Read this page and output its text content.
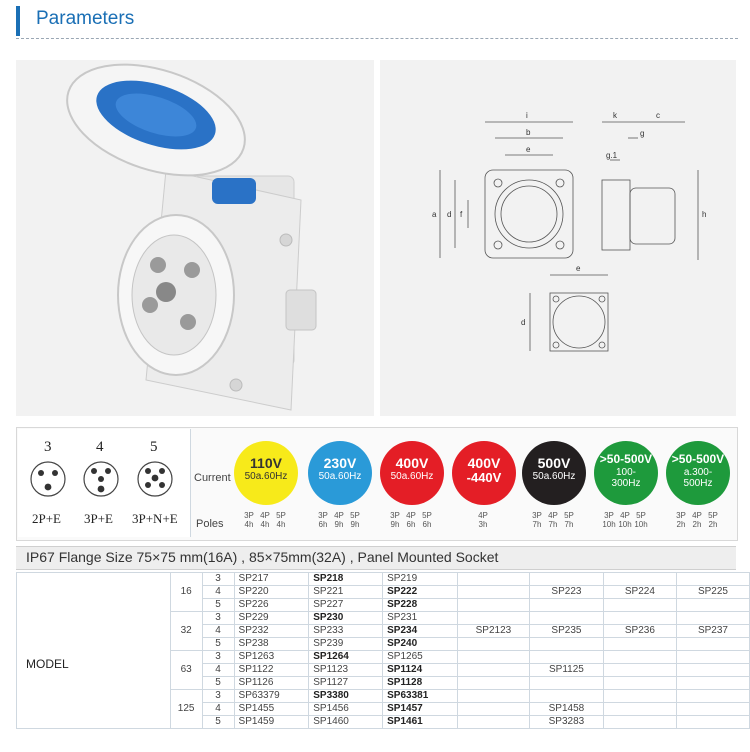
Parameters
i
b
e
k	c
g
g.1
a d f	h
e
d
3	4	5
2P+E 3P+E 3P+N+E
Current
Poles
110V
50a.60Hz
230V
50a.60Hz
400V
50a.60Hz
400V
-440V
500V
50a.60Hz
>50-500V
100-300Hz
>50-500V
a.300-500Hz
3P
4h
4P
4h
5P
4h
3P
6h
4P
9h
5P
9h
3P
9h
4P
6h
5P
6h
4P
3h
3P
7h
4P
7h
5P
7h
3P
10h
4P
10h
5P
10h
3P
2h
4P
2h
5P
2h
IP67 Flange Size 75×75 mm(16A) , 85×75mm(32A) , Panel Mounted Socket
MODEL
	16	3	SP217	SP218	SP219				
		4	SP220	SP221	SP222		SP223	SP224	SP225
		5	SP226	SP227	SP228				
	32	3	SP229	SP230	SP231				
		4	SP232	SP233	SP234	SP2123	SP235	SP236	SP237
		5	SP238	SP239	SP240				
	63	3	SP1263	SP1264	SP1265				
		4	SP1122	SP1123	SP1124		SP1125		
		5	SP1126	SP1127	SP1128				
	125	3	SP63379	SP3380	SP63381				
		4	SP1455	SP1456	SP1457		SP1458		
		5	SP1459	SP1460	SP1461		SP3283		
